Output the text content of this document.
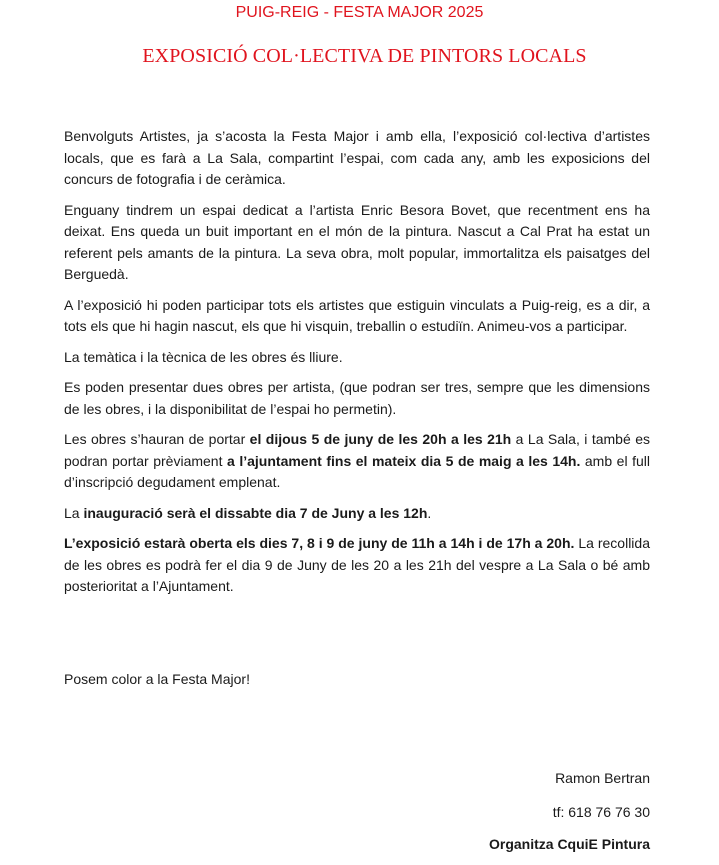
PUIG-REIG - FESTA MAJOR 2025
EXPOSICIÓ COL·LECTIVA DE PINTORS LOCALS

Benvolguts Artistes, ja s’acosta la Festa Major i amb ella, l’exposició col·lectiva d’artistes locals, que es farà a La Sala, compartint l’espai, com cada any, amb les exposicions del concurs de fotografia i de ceràmica.

Enguany tindrem un espai dedicat a l’artista Enric Besora Bovet, que recentment ens ha deixat. Ens queda un buit important en el món de la pintura. Nascut a Cal Prat ha estat un referent pels amants de la pintura. La seva obra, molt popular, immortalitza els paisatges del Berguedà.

A l’exposició hi poden participar tots els artistes que estiguin vinculats a Puig-reig, es a dir, a tots els que hi hagin nascut, els que hi visquin, treballin o estudiïn. Animeu-vos a participar.

La temàtica i la tècnica de les obres és lliure.

Es poden presentar dues obres per artista, (que podran ser tres, sempre que les dimensions de les obres, i la disponibilitat de l’espai ho permetin).

Les obres s’hauran de portar el dijous 5 de juny de les 20h a les 21h a La Sala, i també es podran portar prèviament a l’ajuntament fins el mateix dia 5 de maig a les 14h. amb el full d’inscripció degudament emplenat.

La inauguració serà el dissabte dia 7 de Juny a les 12h.

L’exposició estarà oberta els dies 7, 8 i 9 de juny de 11h a 14h i de 17h a 20h. La recollida de les obres es podrà fer el dia 9 de Juny de les 20 a les 21h del vespre a La Sala o bé amb posterioritat a l’Ajuntament.

Posem color a la Festa Major!
Ramon Bertran
tf: 618 76 76 30
Organitza CquiE Pintura
